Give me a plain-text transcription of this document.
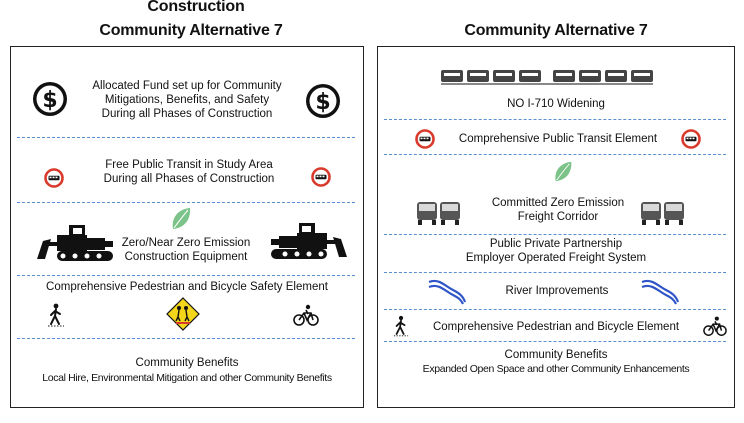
Construction
Community Alternative 7	Community Alternative 7
$	$
Allocated Fund set up for Community
Mitigations, Benefits, and Safety
During all Phases of Construction
Free Public Transit in Study Area
During all Phases of Construction
Zero/Near Zero Emission
Construction Equipment
Comprehensive Pedestrian and Bicycle Safety Element
Community Benefits
Local Hire, Environmental Mitigation and other Community Benefits
NO I-710 Widening
Comprehensive Public Transit Element
Committed Zero Emission
Freight Corridor
Public Private Partnership
Employer Operated Freight System
River Improvements
Comprehensive Pedestrian and Bicycle Element
Community Benefits
Expanded Open Space and other Community Enhancements
